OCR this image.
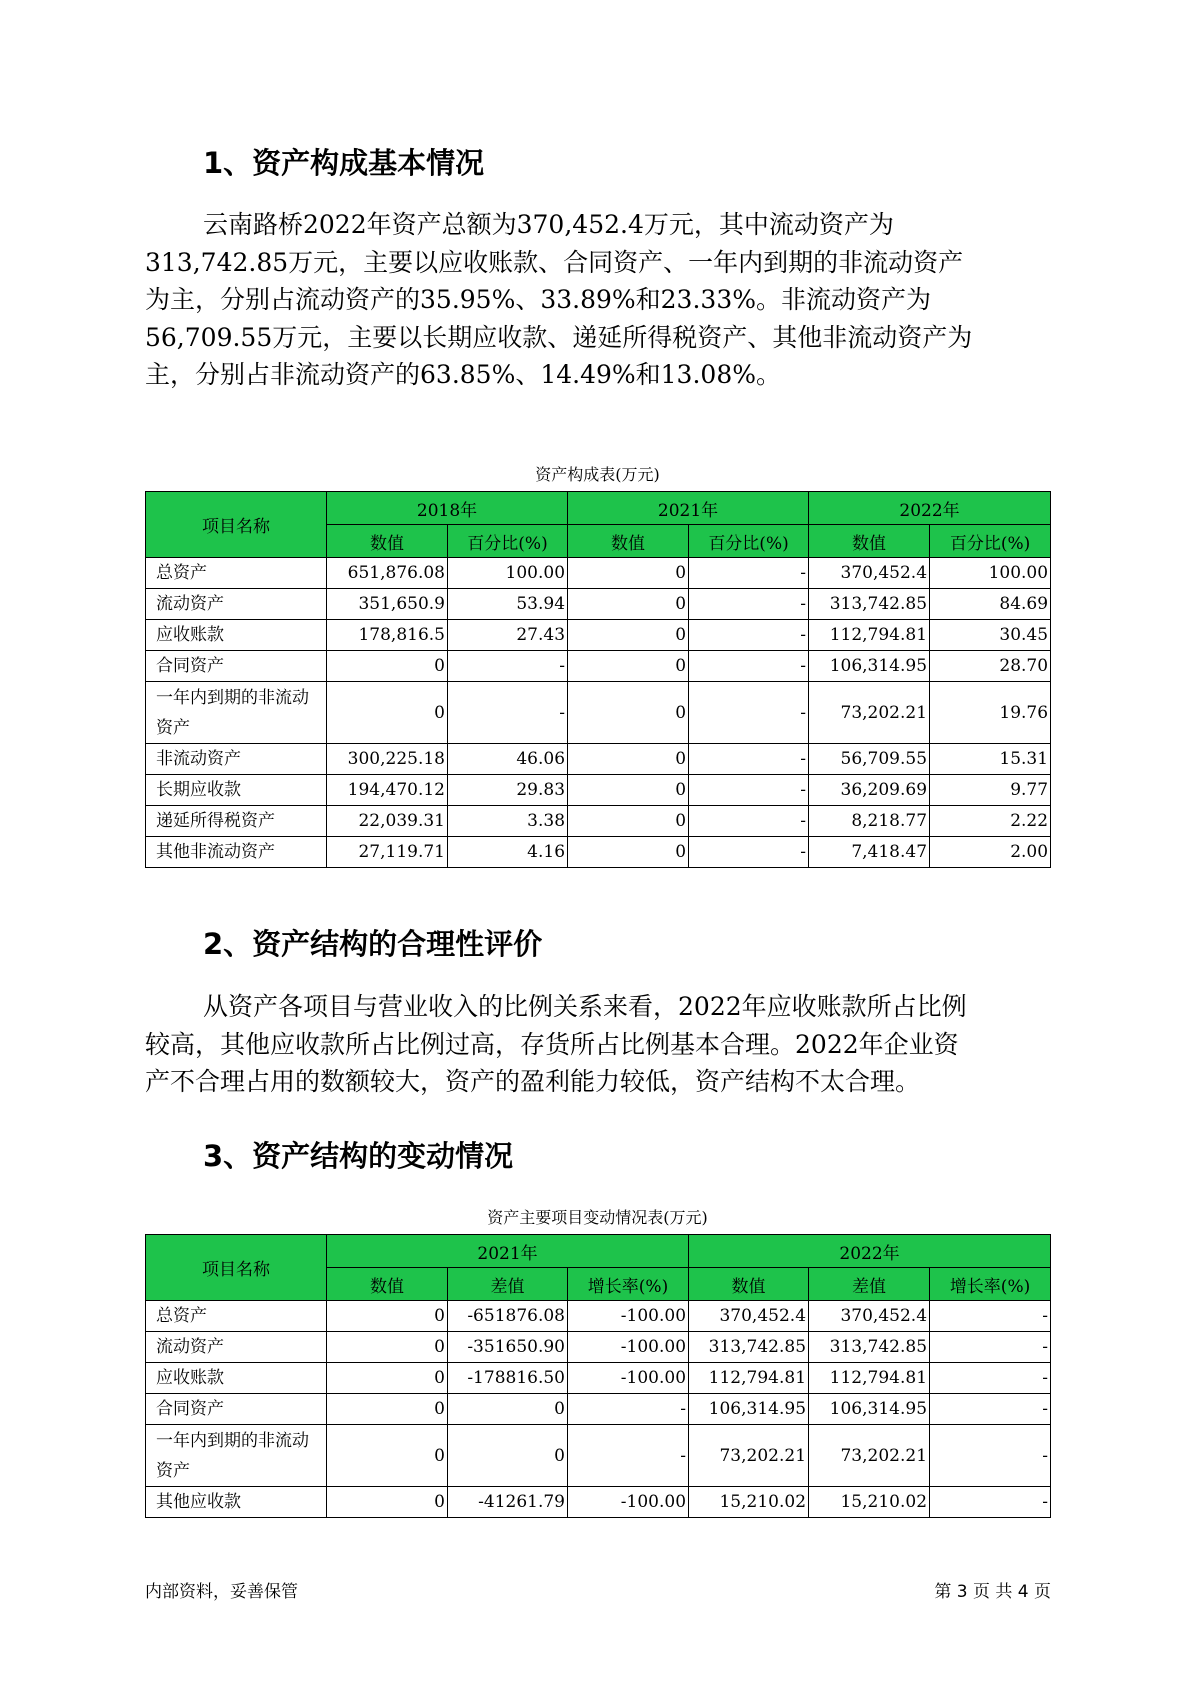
1、资产构成基本情况
云南路桥2022年资产总额为370,452.4万元，其中流动资产为
313,742.85万元，主要以应收账款、合同资产、一年内到期的非流动资产
为主，分别占流动资产的35.95%、33.89%和23.33%。非流动资产为
56,709.55万元，主要以长期应收款、递延所得税资产、其他非流动资产为
主，分别占非流动资产的63.85%、14.49%和13.08%。
资产构成表(万元)
项目名称	2018年		2021年		2022年	
	数值	百分比(%)	数值	百分比(%)	数值	百分比(%)
总资产	651,876.08	100.00	0	-	370,452.4	100.00
流动资产	351,650.9	53.94	0	-	313,742.85	84.69
应收账款	178,816.5	27.43	0	-	112,794.81	30.45
合同资产	0	-	0	-	106,314.95	28.70
一年内到期的非流动资产	0	-	0	-	73,202.21	19.76
非流动资产	300,225.18	46.06	0	-	56,709.55	15.31
长期应收款	194,470.12	29.83	0	-	36,209.69	9.77
递延所得税资产	22,039.31	3.38	0	-	8,218.77	2.22
其他非流动资产	27,119.71	4.16	0	-	7,418.47	2.00
2、资产结构的合理性评价
从资产各项目与营业收入的比例关系来看，2022年应收账款所占比例
较高，其他应收款所占比例过高，存货所占比例基本合理。2022年企业资
产不合理占用的数额较大，资产的盈利能力较低，资产结构不太合理。
3、资产结构的变动情况
资产主要项目变动情况表(万元)
项目名称	2021年			2022年		
	数值	差值	增长率(%)	数值	差值	增长率(%)
总资产	0	-651876.08	-100.00	370,452.4	370,452.4	-
流动资产	0	-351650.90	-100.00	313,742.85	313,742.85	-
应收账款	0	-178816.50	-100.00	112,794.81	112,794.81	-
合同资产	0	0	-	106,314.95	106,314.95	-
一年内到期的非流动资产	0	0	-	73,202.21	73,202.21	-
其他应收款	0	-41261.79	-100.00	15,210.02	15,210.02	-
内部资料，妥善保管	第 3 页 共 4 页
